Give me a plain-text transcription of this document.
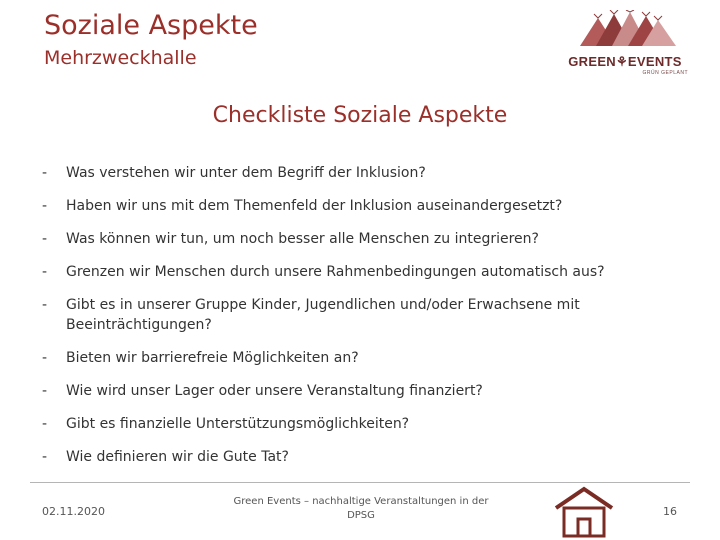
Soziale Aspekte
Mehrzweckhalle	GREEN⚘EVENTS
GRÜN GEPLANT
Checkliste Soziale Aspekte
- Was verstehen wir unter dem Begriff der Inklusion?
- Haben wir uns mit dem Themenfeld der Inklusion auseinandergesetzt?
- Was können wir tun, um noch besser alle Menschen zu integrieren?
- Grenzen wir Menschen durch unsere Rahmenbedingungen automatisch aus?
- Gibt es in unserer Gruppe Kinder, Jugendlichen und/oder Erwachsene mit Beeinträchtigungen?
- Bieten wir barrierefreie Möglichkeiten an?
- Wie wird unser Lager oder unsere Veranstaltung finanziert?
- Gibt es finanzielle Unterstützungsmöglichkeiten?
- Wie definieren wir die Gute Tat?
02.11.2020
Green Events – nachhaltige Veranstaltungen in der
DPSG	16
